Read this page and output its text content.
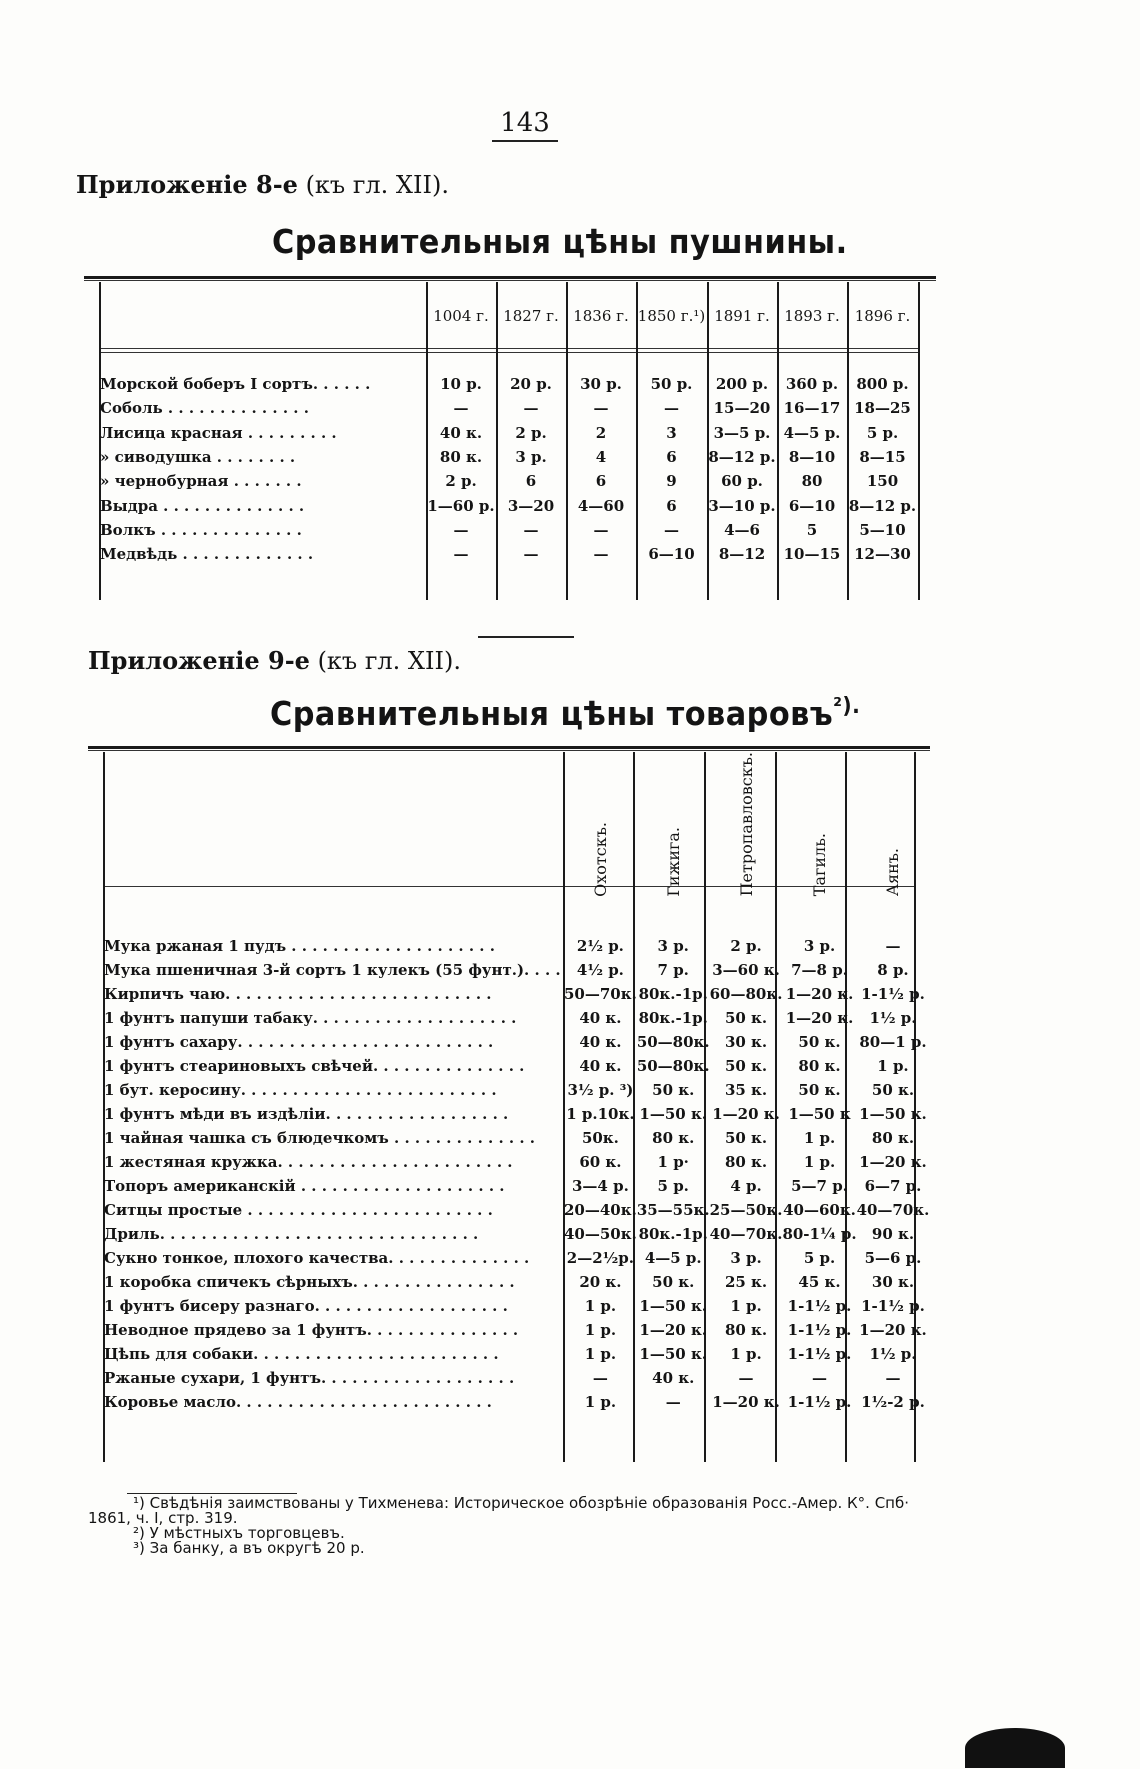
143
Приложеніе 8-е (къ гл. XII).
Сравнительныя цѣны пушнины.
	1004 г.	1827 г.	1836 г.	1850 г.¹)	1891 г.	1893 г.	1896 г.

Морской боберъ I сортъ. . . . . .	10 р.	20 р.	30 р.	50 р.	200 р.	360 р.	800 р.
Соболь . . . . . . . . . . . . . .	—	—	—	—	15—20	16—17	18—25
Лисица красная . . . . . . . . .	40 к.	2 р.	2	3	3—5 р.	4—5 р.	5 р.
» сиводушка . . . . . . . .	80 к.	3 р.	4	6	8—12 р.	8—10	8—15
» чернобурная . . . . . . .	2 р.	6	6	9	60 р.	80	150
Выдра . . . . . . . . . . . . . .	1—60 р.	3—20	4—60	6	3—10 р.	6—10	8—12 р.
Волкъ . . . . . . . . . . . . . .	—	—	—	—	4—6	5	5—10
Медвѣдь . . . . . . . . . . . . .	—	—	—	6—10	8—12	10—15	12—30
Приложеніе 9-е (къ гл. XII).
Сравнительныя цѣны товаровъ$^{^2).}$
	Охотскъ.	Гижига.	Петропавловскъ.	Тагиль.	Аянъ.

Мука ржаная 1 пудъ . . . . . . . . . . . . . . . . . . . .	2½ р.	3 р.	2 р.	3 р.	—
Мука пшеничная 3-й сортъ 1 кулекъ (55 фунт.). . . .	4½ р.	7 р.	3—60 к.	7—8 р.	8 р.
Кирпичъ чаю. . . . . . . . . . . . . . . . . . . . . . . . . .	50—70к.	80к.-1р.	60—80к.	1—20 к.	1-1½ р.
1 фунтъ папуши табаку. . . . . . . . . . . . . . . . . . . .	40 к.	80к.-1р.	50 к.	1—20 к.	1½ р.
1 фунтъ сахару. . . . . . . . . . . . . . . . . . . . . . . . .	40 к.	50—80к.	30 к.	50 к.	80—1 р.
1 фунтъ стеариновыхъ свѣчей. . . . . . . . . . . . . . .	40 к.	50—80к.	50 к.	80 к.	1 р.
1 бут. керосину. . . . . . . . . . . . . . . . . . . . . . . . .	3½ р. ³)	50 к.	35 к.	50 к.	50 к.
1 фунтъ мѣди въ издѣліи. . . . . . . . . . . . . . . . . .	1 р.10к.	1—50 к.	1—20 к.	1—50 к	1—50 к.
1 чайная чашка съ блюдечкомъ . . . . . . . . . . . . . .	50к.	80 к.	50 к.	1 р.	80 к.
1 жестяная кружка. . . . . . . . . . . . . . . . . . . . . . .	60 к.	1 р·	80 к.	1 р.	1—20 к.
Топоръ американскій . . . . . . . . . . . . . . . . . . . .	3—4 р.	5 р.	4 р.	5—7 р.	6—7 р.
Ситцы простые . . . . . . . . . . . . . . . . . . . . . . . .	20—40к.	35—55к.	25—50к.	40—60к.	40—70к.
Дриль. . . . . . . . . . . . . . . . . . . . . . . . . . . . . . .	40—50к.	80к.-1р.	40—70к.	80-1¼ р.	90 к.
Сукно тонкое, плохого качества. . . . . . . . . . . . . .	2—2½р.	4—5 р.	3 р.	5 р.	5—6 р.
1 коробка спичекъ сѣрныхъ. . . . . . . . . . . . . . . .	20 к.	50 к.	25 к.	45 к.	30 к.
1 фунтъ бисеру разнаго. . . . . . . . . . . . . . . . . . .	1 р.	1—50 к.	1 р.	1-1½ р.	1-1½ р.
Неводное прядево за 1 фунтъ. . . . . . . . . . . . . . .	1 р.	1—20 к.	80 к.	1-1½ р.	1—20 к.
Цѣпь для собаки. . . . . . . . . . . . . . . . . . . . . . . .	1 р.	1—50 к.	1 р.	1-1½ р.	1½ р.
Ржаные сухари, 1 фунтъ. . . . . . . . . . . . . . . . . . .	—	40 к.	—	—	—
Коровье масло. . . . . . . . . . . . . . . . . . . . . . . . .	1 р.	—	1—20 к.	1-1½ р.	1½-2 р.
¹) Свѣдѣнія заимствованы у Тихменева: Историческое обозрѣніе образованія Росс.-Амер. К°. Спб·
1861, ч. I, стр. 319.
²) У мѣстныхъ торговцевъ.
³) За банку, а въ округѣ 20 р.
